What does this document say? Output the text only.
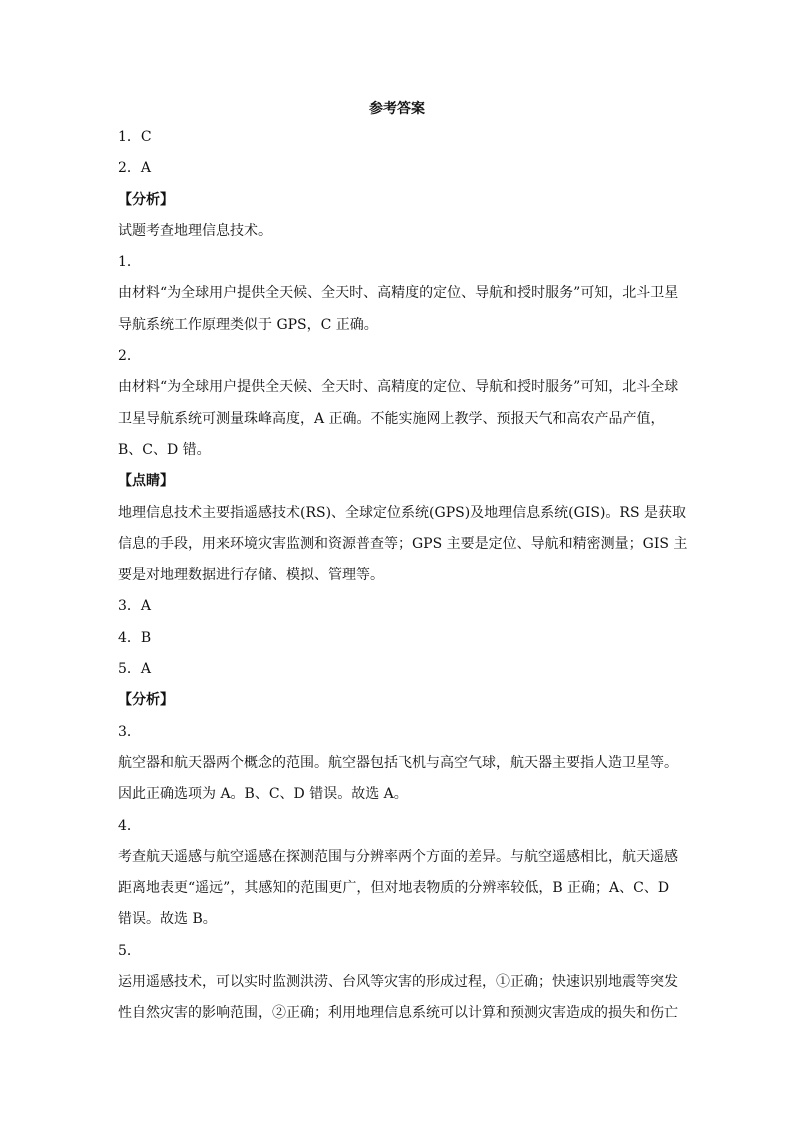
参考答案
1．C
2．A
【分析】
试题考查地理信息技术。
1．
由材料“为全球用户提供全天候、全天时、高精度的定位、导航和授时服务”可知，北斗卫星
导航系统工作原理类似于 GPS，C 正确。
2．
由材料“为全球用户提供全天候、全天时、高精度的定位、导航和授时服务”可知，北斗全球
卫星导航系统可测量珠峰高度，A 正确。不能实施网上教学、预报天气和高农产品产值，
B、C、D 错。
【点睛】
地理信息技术主要指遥感技术(RS)、全球定位系统(GPS)及地理信息系统(GIS)。RS 是获取
信息的手段，用来环境灾害监测和资源普查等；GPS 主要是定位、导航和精密测量；GIS 主
要是对地理数据进行存储、模拟、管理等。
3．A
4．B
5．A
【分析】
3．
航空器和航天器两个概念的范围。航空器包括飞机与高空气球，航天器主要指人造卫星等。
因此正确选项为 A。B、C、D 错误。故选 A。
4．
考查航天遥感与航空遥感在探测范围与分辨率两个方面的差异。与航空遥感相比，航天遥感
距离地表更“遥远”，其感知的范围更广，但对地表物质的分辨率较低，B 正确；A、C、D
错误。故选 B。
5．
运用遥感技术，可以实时监测洪涝、台风等灾害的形成过程，①正确；快速识别地震等突发
性自然灾害的影响范围，②正确；利用地理信息系统可以计算和预测灾害造成的损失和伤亡
